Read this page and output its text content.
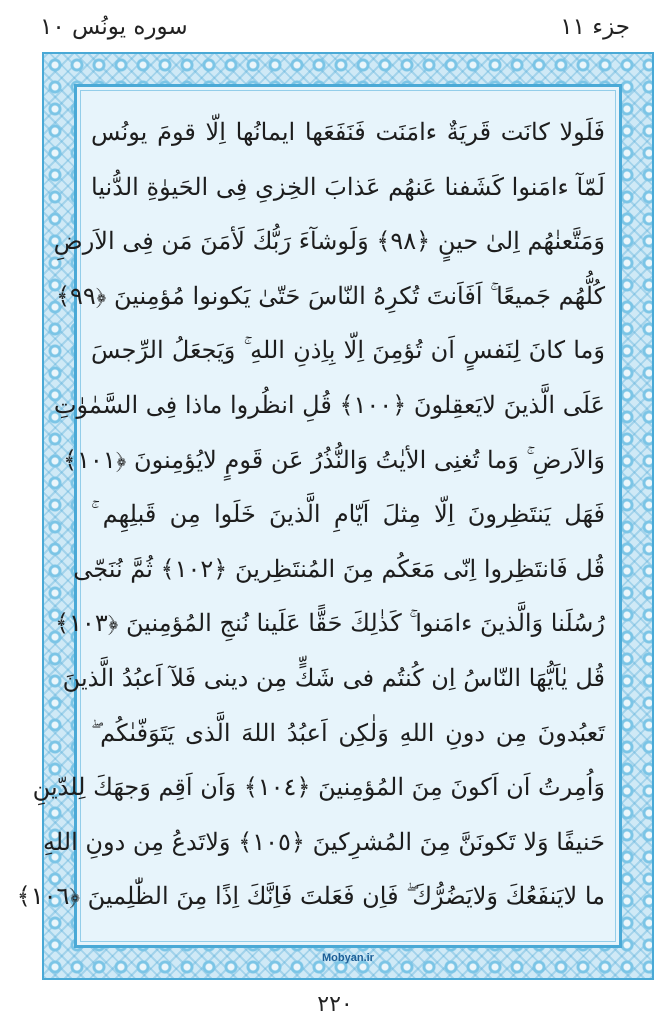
سوره يونُس ١٠	جزء ١١
فَلَولا كانَت قَريَةٌ ءامَنَت فَنَفَعَها ايمانُها اِلّا قومَ يونُس
لَمّآ ءامَنوا كَشَفنا عَنهُم عَذابَ الخِزىِ فِى الحَيوٰةِ الدُّنيا
وَمَتَّعنٰهُم اِلىٰ حينٍ ﴿٩٨﴾ وَلَوشآءَ رَبُّكَ لَأمَنَ مَن فِى الاَرضِ
كُلُّهُم جَميعًا ۚ اَفَاَنتَ تُكرِهُ النّاسَ حَتّىٰ يَكونوا مُؤمِنينَ ﴿٩٩﴾
وَما كانَ لِنَفسٍ اَن تُؤمِنَ اِلّا بِاِذنِ اللهِ ۚ وَيَجعَلُ الرِّجسَ
عَلَى الَّذينَ لايَعقِلونَ ﴿١٠٠﴾ قُلِ انظُروا ماذا فِى السَّمٰوٰتِ
وَالاَرضِ ۚ وَما تُغنِى الأيٰتُ وَالنُّذُرُ عَن قَومٍ لايُؤمِنونَ ﴿١٠١﴾
فَهَل يَنتَظِرونَ اِلّا مِثلَ اَيّامِ الَّذينَ خَلَوا مِن قَبلِهِم ۚ
قُل فَانتَظِروا اِنّى مَعَكُم مِنَ المُنتَظِرينَ ﴿١٠٢﴾ ثُمَّ نُنَجّى
رُسُلَنا وَالَّذينَ ءامَنوا ۚ كَذٰلِكَ حَقًّا عَلَينا نُنجِ المُؤمِنينَ ﴿١٠٣﴾
قُل يٰاَيُّهَا النّاسُ اِن كُنتُم فى شَكٍّ مِن دينى فَلآ اَعبُدُ الَّذينَ
تَعبُدونَ مِن دونِ اللهِ وَلٰكِن اَعبُدُ اللهَ الَّذى يَتَوَفّىٰكُم ۖ
وَاُمِرتُ اَن اَكونَ مِنَ المُؤمِنينَ ﴿١٠٤﴾ وَاَن اَقِم وَجهَكَ لِلدّينِ
حَنيفًا وَلا تَكونَنَّ مِنَ المُشرِكينَ ﴿١٠٥﴾ وَلاتَدعُ مِن دونِ اللهِ
ما لايَنفَعُكَ وَلايَضُرُّكَ ۖ فَاِن فَعَلتَ فَاِنَّكَ اِذًا مِنَ الظّٰلِمينَ ﴿١٠٦﴾
Mobyan.ir
٢٢٠
